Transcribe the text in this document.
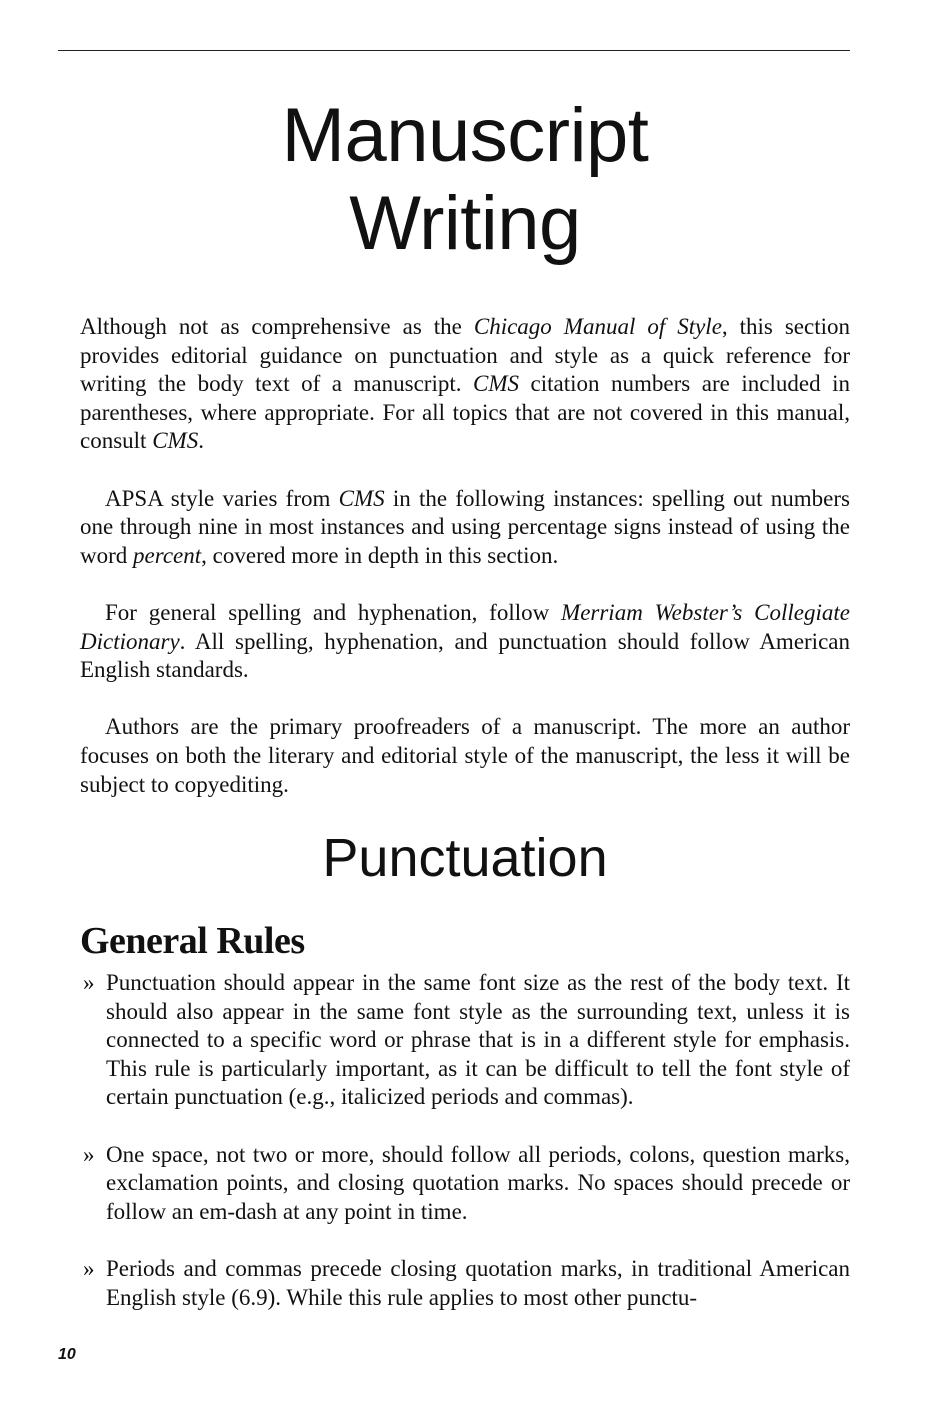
Manuscript
Writing

Although not as comprehensive as the Chicago Manual of Style, this section provides editorial guidance on punctuation and style as a quick reference for writing the body text of a manuscript. CMS citation numbers are included in parentheses, where appropriate. For all topics that are not covered in this manual, consult CMS.

APSA style varies from CMS in the following instances: spelling out numbers one through nine in most instances and using percentage signs instead of using the word percent, covered more in depth in this section.

For general spelling and hyphenation, follow Merriam Webster’s Collegiate Dictionary. All spelling, hyphenation, and punctuation should follow American English standards.

Authors are the primary proofreaders of a manuscript. The more an author focuses on both the literary and editorial style of the manuscript, the less it will be subject to copyediting.

Punctuation
General Rules
» Punctuation should appear in the same font size as the rest of the body text. It should also appear in the same font style as the surrounding text, unless it is connected to a specific word or phrase that is in a different style for emphasis. This rule is particularly important, as it can be difficult to tell the font style of certain punctuation (e.g., italicized periods and commas).
» One space, not two or more, should follow all periods, colons, question marks, exclamation points, and closing quotation marks. No spaces should precede or follow an em-dash at any point in time.
» Periods and commas precede closing quotation marks, in traditional American English style (6.9). While this rule applies to most other punctu-
10
